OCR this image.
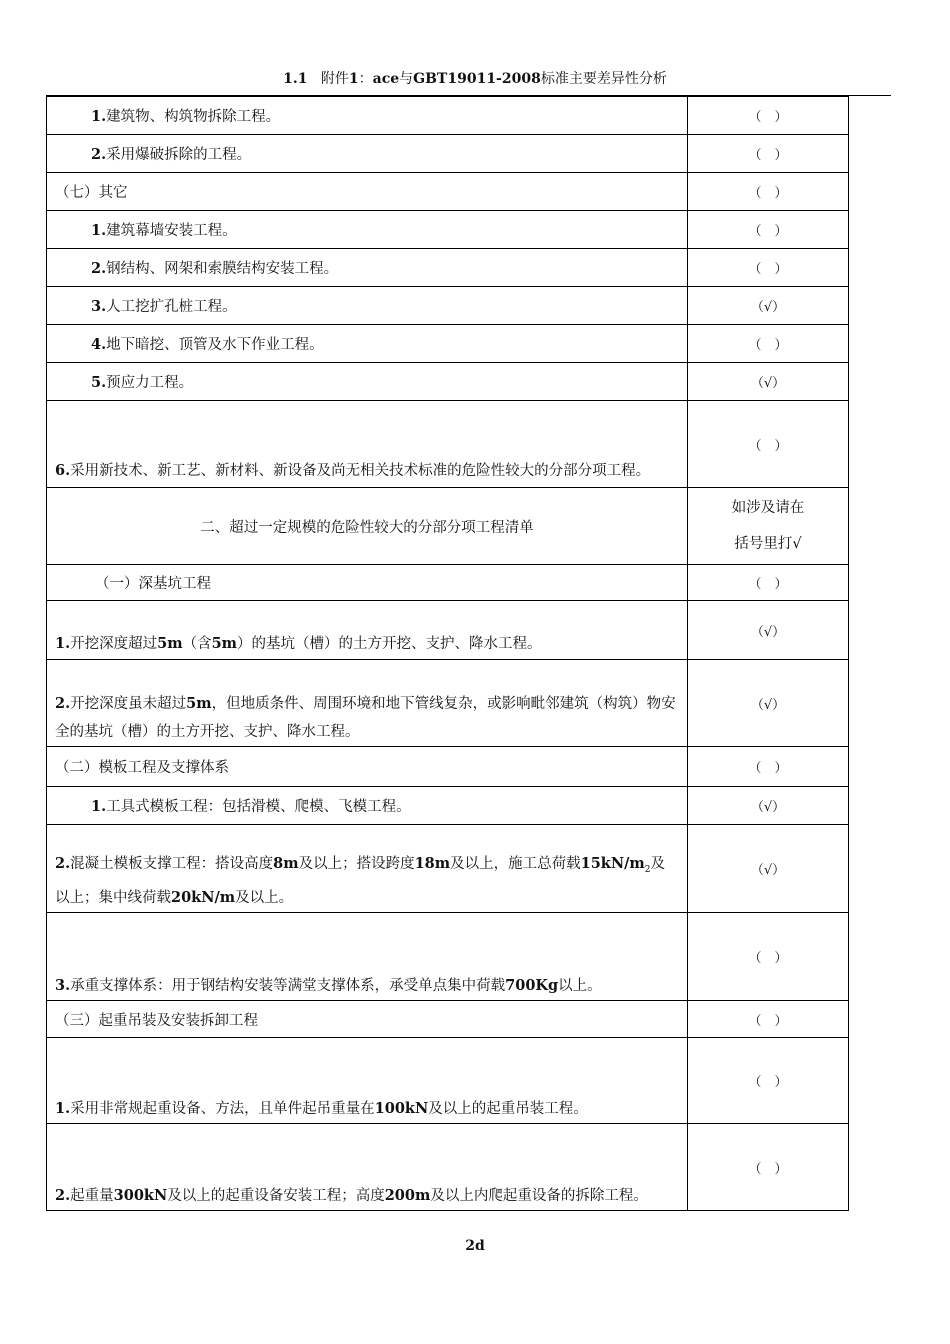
1.1 附件1：ace与GBT19011-2008标准主要差异性分析
1.建筑物、构筑物拆除工程。	（　）
2.采用爆破拆除的工程。	（　）
（七）其它	（　）
1.建筑幕墙安装工程。	（　）
2.钢结构、网架和索膜结构安装工程。	（　）
3.人工挖扩孔桩工程。	（√）
4.地下暗挖、顶管及水下作业工程。	（　）
5.预应力工程。	（√）
6.采用新技术、新工艺、新材料、新设备及尚无相关技术标准的危险性较大的分部分项工程。	（　）
二、超过一定规模的危险性较大的分部分项工程清单	如涉及请在
括号里打√

（一）深基坑工程	（　）
1.开挖深度超过5m（含5m）的基坑（槽）的土方开挖、支护、降水工程。	（√）
2.开挖深度虽未超过5m，但地质条件、周围环境和地下管线复杂，或影响毗邻建筑（构筑）物安全的基坑（槽）的土方开挖、支护、降水工程。	（√）
（二）模板工程及支撑体系	（　）
1.工具式模板工程：包括滑模、爬模、飞模工程。	（√）
2.混凝土模板支撑工程：搭设高度8m及以上；搭设跨度18m及以上，施工总荷载$15kN/m_2$及以上；集中线荷载20kN/m及以上。	（√）
3.承重支撑体系：用于钢结构安装等满堂支撑体系，承受单点集中荷载700Kg以上。	（　）
（三）起重吊装及安装拆卸工程	（　）
1.采用非常规起重设备、方法，且单件起吊重量在100kN及以上的起重吊装工程。	（　）
2.起重量300kN及以上的起重设备安装工程；高度200m及以上内爬起重设备的拆除工程。	（　）
2d
